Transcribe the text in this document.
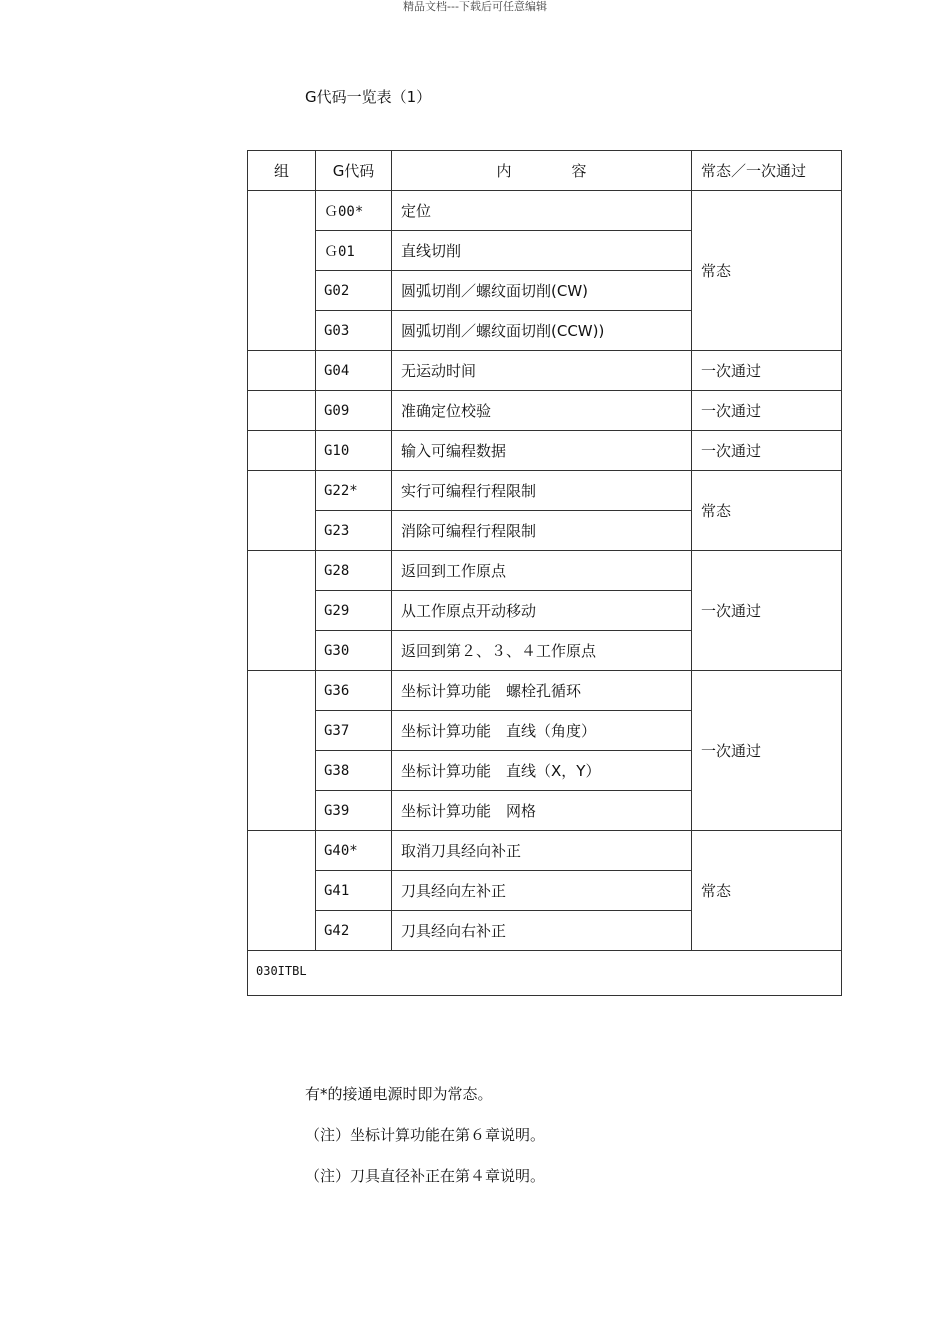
精品文档---下载后可任意编辑
G代码一览表（1）
组	G代码	内 容	常态／一次通过
	Ｇ00*	定位	常态
	Ｇ01	直线切削	
	G02	圆弧切削／螺纹面切削(CW)	
	G03	圆弧切削／螺纹面切削(CCW))	
	G04	无运动时间	一次通过
	G09	准确定位校验	一次通过
	G10	输入可编程数据	一次通过
	G22*	实行可编程行程限制	常态
	G23	消除可编程行程限制	
	G28	返回到工作原点	一次通过
	G29	从工作原点开动移动	
	G30	返回到第２、３、４工作原点	
	G36	坐标计算功能　螺栓孔循环	一次通过
	G37	坐标计算功能　直线（角度）	
	G38	坐标计算功能　直线（X，Y）	
	G39	坐标计算功能　网格	
	G40*	取消刀具经向补正	常态
	G41	刀具经向左补正	
	G42	刀具经向右补正	
030ITBL			
有*的接通电源时即为常态。
（注）坐标计算功能在第６章说明。
（注）刀具直径补正在第４章说明。
